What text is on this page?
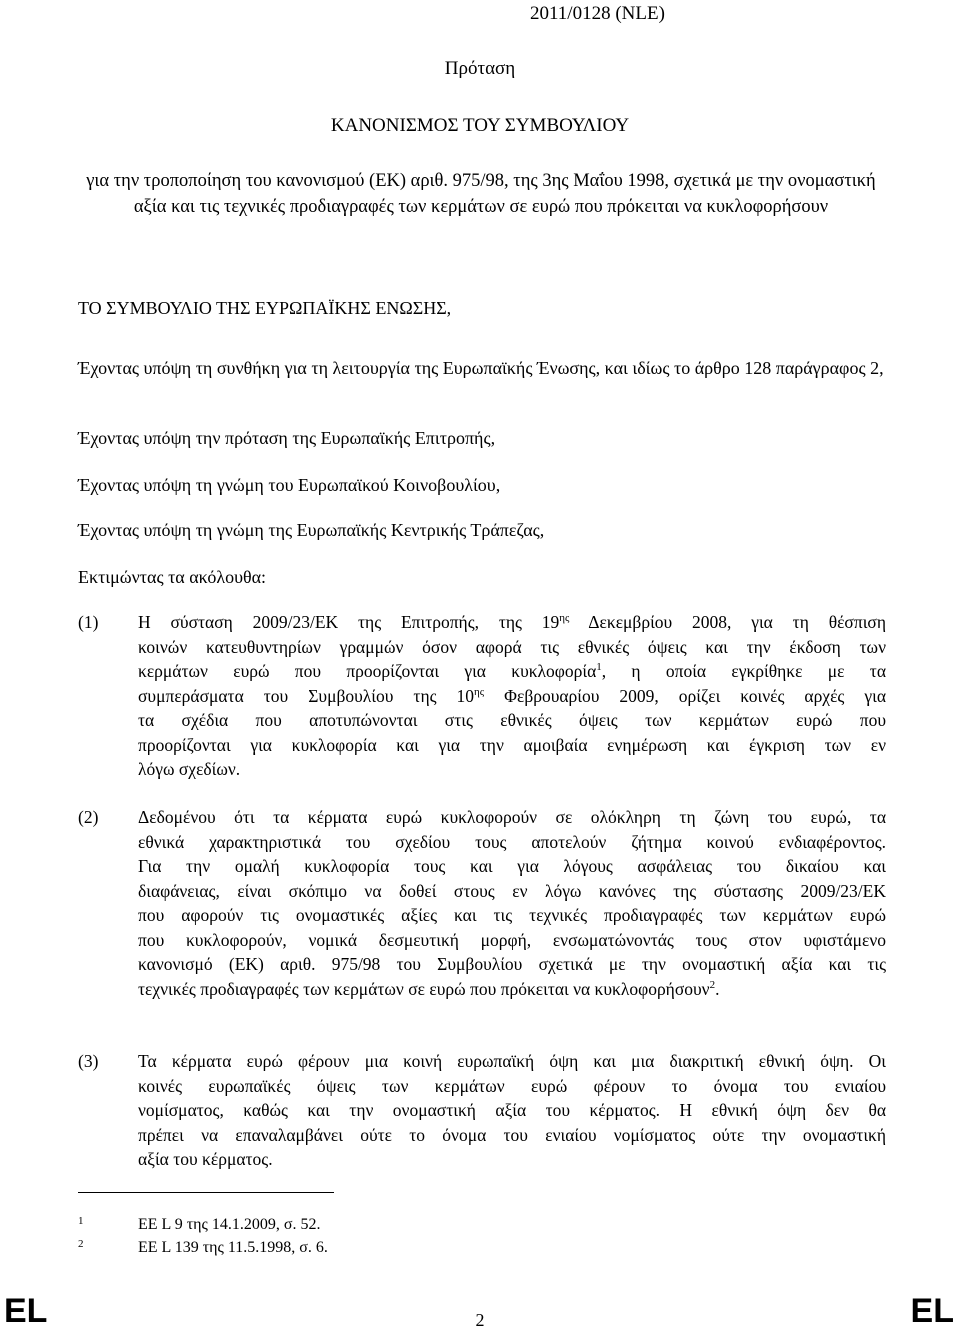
2011/0128 (NLE)
Πρόταση
ΚΑΝΟΝΙΣΜΟΣ ΤΟΥ ΣΥΜΒΟΥΛΙΟΥ
για την τροποποίηση του κανονισμού (ΕΚ) αριθ. 975/98, της 3ης Μαΐου 1998, σχετικά με την ονομαστική αξία και τις τεχνικές προδιαγραφές των κερμάτων σε ευρώ που πρόκειται να κυκλοφορήσουν
ΤΟ ΣΥΜΒΟΥΛΙΟ ΤΗΣ ΕΥΡΩΠΑΪΚΗΣ ΕΝΩΣΗΣ,
Έχοντας υπόψη τη συνθήκη για τη λειτουργία της Ευρωπαϊκής Ένωσης, και ιδίως το άρθρο 128 παράγραφος 2,
Έχοντας υπόψη την πρόταση της Ευρωπαϊκής Επιτροπής,
Έχοντας υπόψη τη γνώμη του Ευρωπαϊκού Κοινοβουλίου,
Έχοντας υπόψη τη γνώμη της Ευρωπαϊκής Κεντρικής Τράπεζας,
Εκτιμώντας τα ακόλουθα:
(1) Η σύσταση 2009/23/ΕΚ της Επιτροπής, της $19^{\eta\varsigma}$ Δεκεμβρίου 2008, για τη θέσπιση
κοινών κατευθυντηρίων γραμμών όσον αφορά τις εθνικές όψεις και την έκδοση των
κερμάτων ευρώ που προορίζονται για κυκλοφορία$^1$, η οποία εγκρίθηκε με τα
συμπεράσματα του Συμβουλίου της $10^{\eta\varsigma}$ Φεβρουαρίου 2009, ορίζει κοινές αρχές για
τα σχέδια που αποτυπώνονται στις εθνικές όψεις των κερμάτων ευρώ που
προορίζονται για κυκλοφορία και για την αμοιβαία ενημέρωση και έγκριση των εν
λόγω σχεδίων.
(2) Δεδομένου ότι τα κέρματα ευρώ κυκλοφορούν σε ολόκληρη τη ζώνη του ευρώ, τα
εθνικά χαρακτηριστικά του σχεδίου τους αποτελούν ζήτημα κοινού ενδιαφέροντος.
Για την ομαλή κυκλοφορία τους και για λόγους ασφάλειας του δικαίου και
διαφάνειας, είναι σκόπιμο να δοθεί στους εν λόγω κανόνες της σύστασης 2009/23/ΕΚ
που αφορούν τις ονομαστικές αξίες και τις τεχνικές προδιαγραφές των κερμάτων ευρώ
που κυκλοφορούν, νομικά δεσμευτική μορφή, ενσωματώνοντάς τους στον υφιστάμενο
κανονισμό (ΕΚ) αριθ. 975/98 του Συμβουλίου σχετικά με την ονομαστική αξία και τις
τεχνικές προδιαγραφές των κερμάτων σε ευρώ που πρόκειται να κυκλοφορήσουν$^2$.
(3) Τα κέρματα ευρώ φέρουν μια κοινή ευρωπαϊκή όψη και μια διακριτική εθνική όψη. Οι
κοινές ευρωπαϊκές όψεις των κερμάτων ευρώ φέρουν το όνομα του ενιαίου
νομίσματος, καθώς και την ονομαστική αξία του κέρματος. Η εθνική όψη δεν θα
πρέπει να επαναλαμβάνει ούτε το όνομα του ενιαίου νομίσματος ούτε την ονομαστική
αξία του κέρματος.
1	ΕΕ L 9 της 14.1.2009, σ. 52.
2	ΕΕ L 139 της 11.5.1998, σ. 6.
EL	2	EL
